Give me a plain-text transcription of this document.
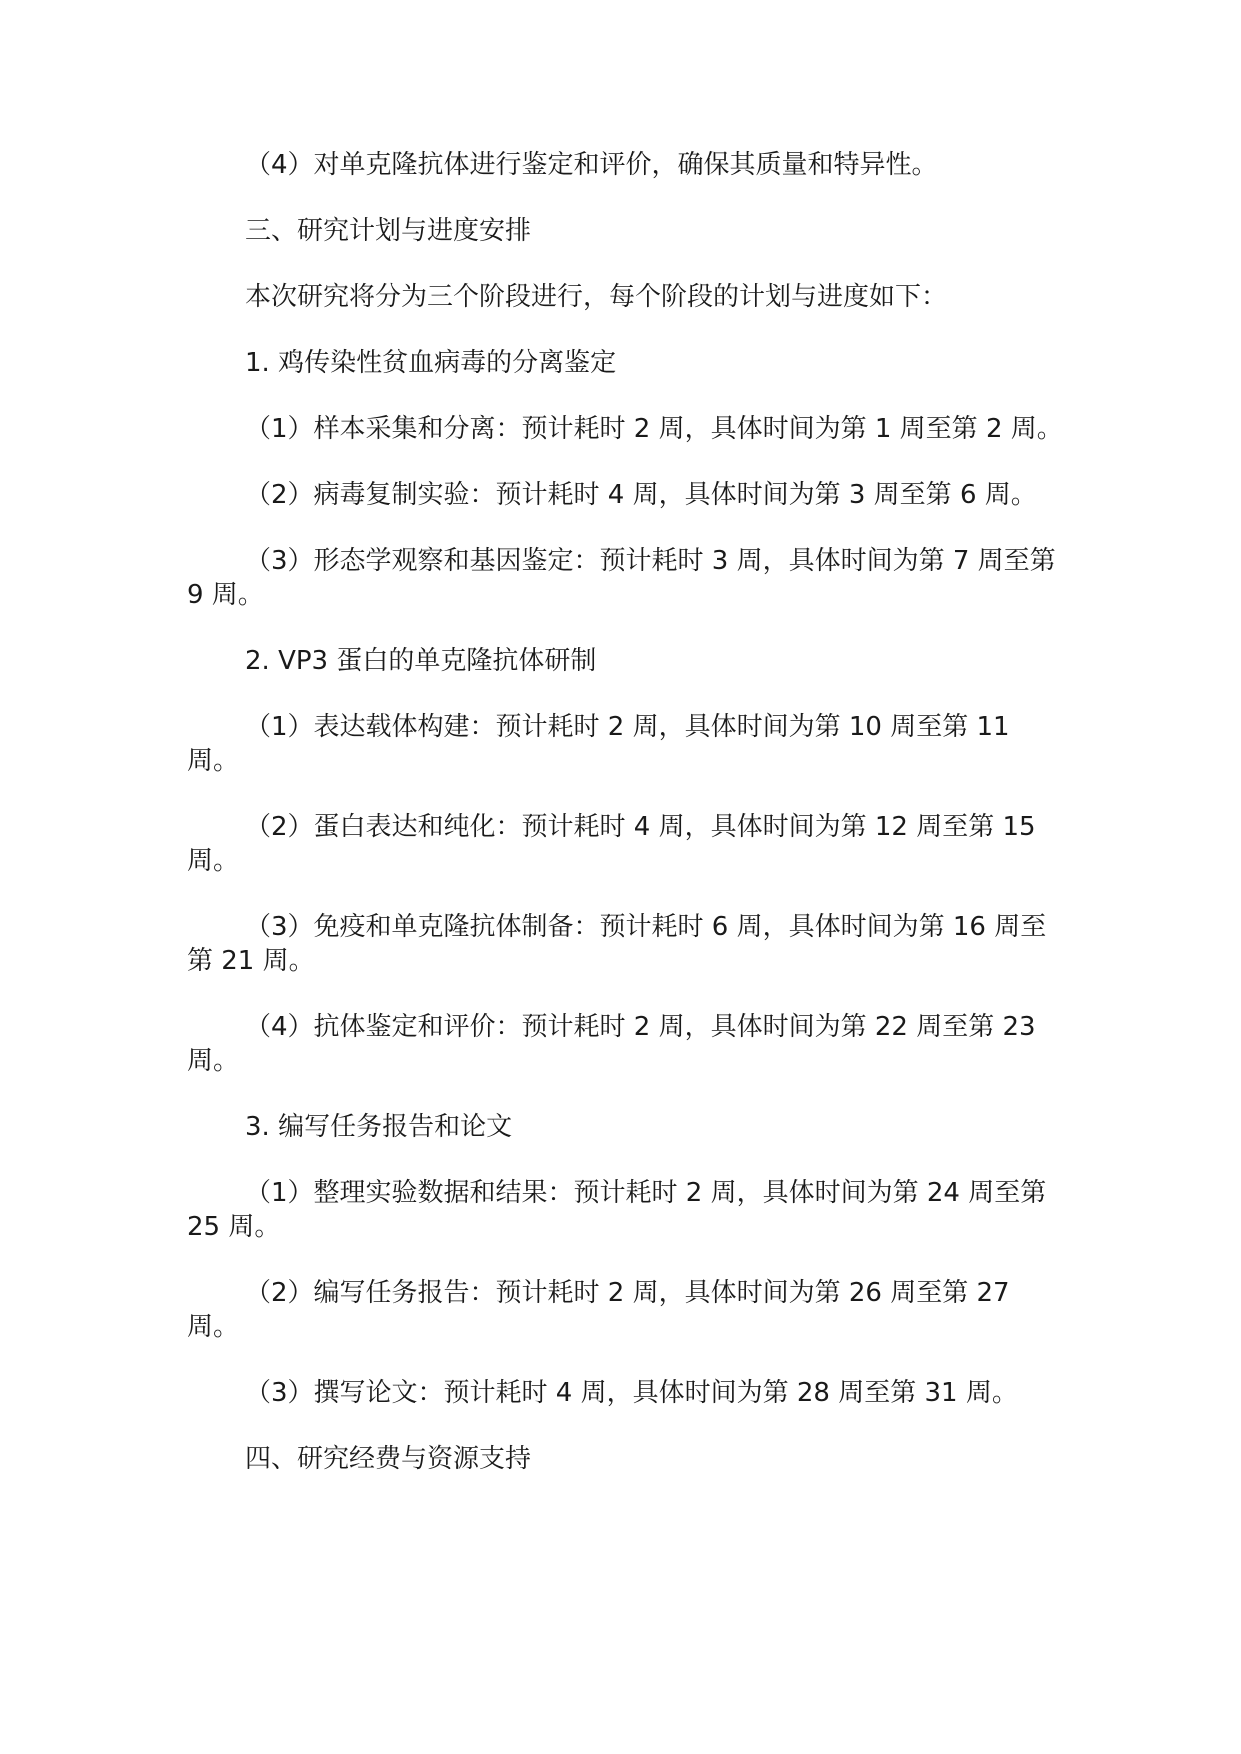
（4）对单克隆抗体进行鉴定和评价，确保其质量和特异性。

三、研究计划与进度安排

本次研究将分为三个阶段进行，每个阶段的计划与进度如下：

1. 鸡传染性贫血病毒的分离鉴定

（1）样本采集和分离：预计耗时 2 周，具体时间为第 1 周至第 2 周。

（2）病毒复制实验：预计耗时 4 周，具体时间为第 3 周至第 6 周。

（3）形态学观察和基因鉴定：预计耗时 3 周，具体时间为第 7 周至第 9 周。

2. VP3 蛋白的单克隆抗体研制

（1）表达载体构建：预计耗时 2 周，具体时间为第 10 周至第 11 周。

（2）蛋白表达和纯化：预计耗时 4 周，具体时间为第 12 周至第 15 周。

（3）免疫和单克隆抗体制备：预计耗时 6 周，具体时间为第 16 周至第 21 周。

（4）抗体鉴定和评价：预计耗时 2 周，具体时间为第 22 周至第 23 周。

3. 编写任务报告和论文

（1）整理实验数据和结果：预计耗时 2 周，具体时间为第 24 周至第 25 周。

（2）编写任务报告：预计耗时 2 周，具体时间为第 26 周至第 27 周。

（3）撰写论文：预计耗时 4 周，具体时间为第 28 周至第 31 周。

四、研究经费与资源支持
